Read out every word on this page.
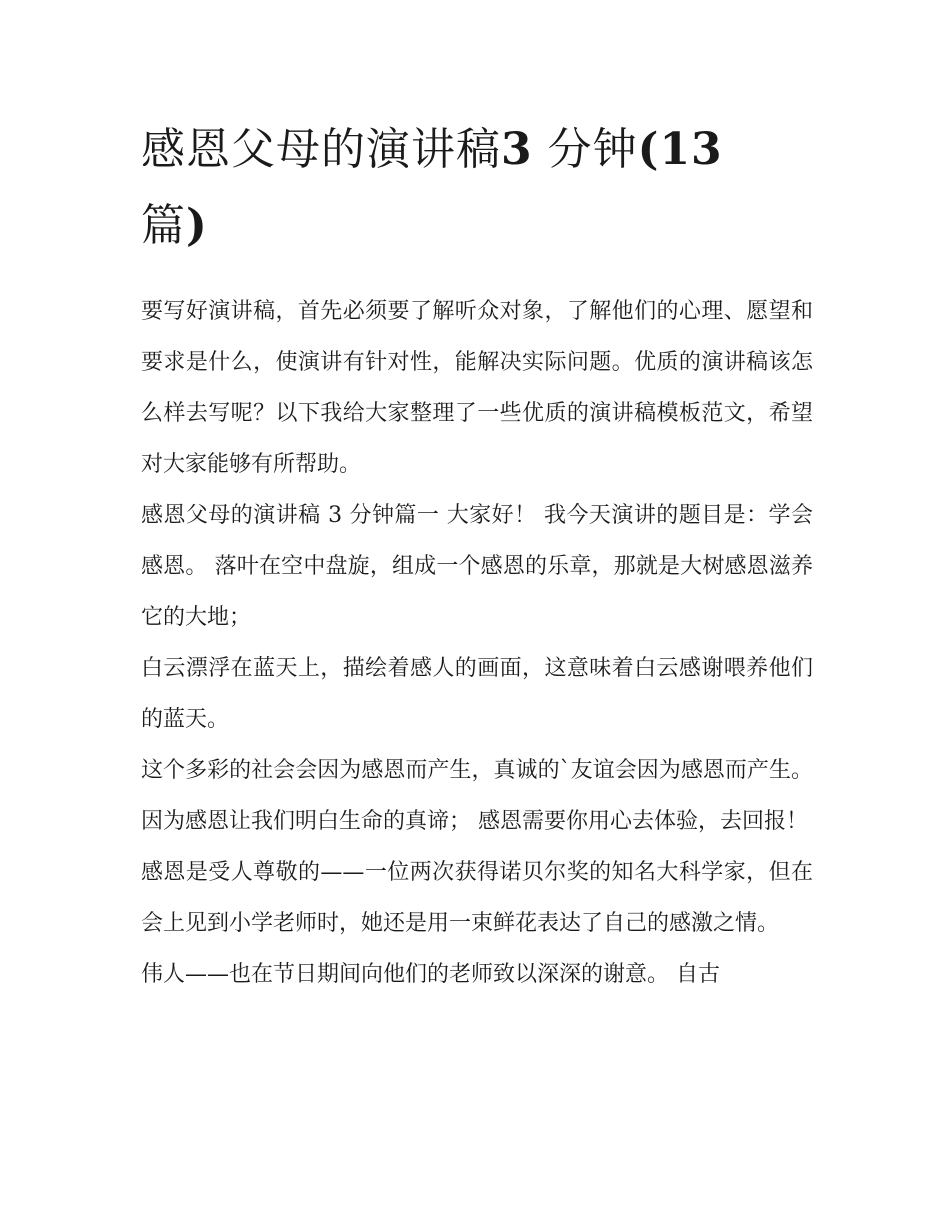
感恩父母的演讲稿3 分钟(13
篇)

要写好演讲稿，首先必须要了解听众对象，了解他们的心理、愿望和要求是什么，使演讲有针对性，能解决实际问题。优质的演讲稿该怎么样去写呢？以下我给大家整理了一些优质的演讲稿模板范文，希望对大家能够有所帮助。

感恩父母的演讲稿 3 分钟篇一 大家好！ 我今天演讲的题目是：学会感恩。 落叶在空中盘旋，组成一个感恩的乐章，那就是大树感恩滋养它的大地；

白云漂浮在蓝天上，描绘着感人的画面，这意味着白云感谢喂养他们的蓝天。

这个多彩的社会会因为感恩而产生，真诚的`友谊会因为感恩而产生。因为感恩让我们明白生命的真谛； 感恩需要你用心去体验，去回报！

感恩是受人尊敬的——一位两次获得诺贝尔奖的知名大科学家，但在会上见到小学老师时，她还是用一束鲜花表达了自己的感激之情。

伟人——也在节日期间向他们的老师致以深深的谢意。 自古
